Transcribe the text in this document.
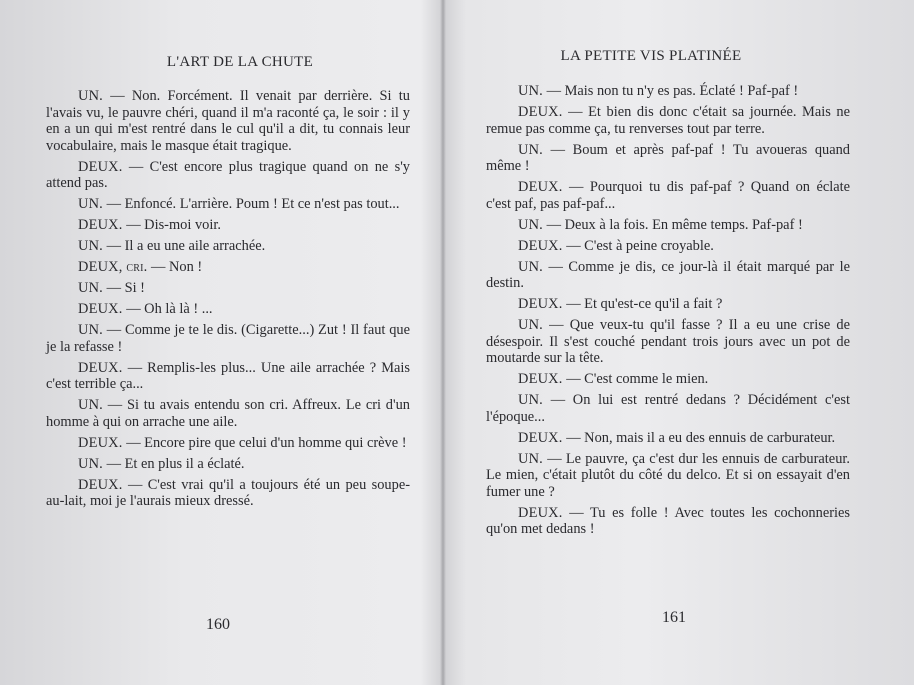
L'ART DE LA CHUTE

UN. — Non. Forcément. Il venait par derrière. Si tu l'avais vu, le pauvre chéri, quand il m'a raconté ça, le soir : il y en a un qui m'est rentré dans le cul qu'il a dit, tu connais leur vocabulaire, mais le masque était tragique.

DEUX. — C'est encore plus tragique quand on ne s'y attend pas.

UN. — Enfoncé. L'arrière. Poum ! Et ce n'est pas tout...

DEUX. — Dis-moi voir.

UN. — Il a eu une aile arrachée.

DEUX, cri. — Non !

UN. — Si !

DEUX. — Oh là là ! ...

UN. — Comme je te le dis. (Cigarette...) Zut ! Il faut que je la refasse !

DEUX. — Remplis-les plus... Une aile arrachée ? Mais c'est terrible ça...

UN. — Si tu avais entendu son cri. Affreux. Le cri d'un homme à qui on arrache une aile.

DEUX. — Encore pire que celui d'un homme qui crève !

UN. — Et en plus il a éclaté.

DEUX. — C'est vrai qu'il a toujours été un peu soupe-au-lait, moi je l'aurais mieux dressé.

160
LA PETITE VIS PLATINÉE

UN. — Mais non tu n'y es pas. Éclaté ! Paf-paf !

DEUX. — Et bien dis donc c'était sa journée. Mais ne remue pas comme ça, tu renverses tout par terre.

UN. — Boum et après paf-paf ! Tu avoueras quand même !

DEUX. — Pourquoi tu dis paf-paf ? Quand on éclate c'est paf, pas paf-paf...

UN. — Deux à la fois. En même temps. Paf-paf !

DEUX. — C'est à peine croyable.

UN. — Comme je dis, ce jour-là il était marqué par le destin.

DEUX. — Et qu'est-ce qu'il a fait ?

UN. — Que veux-tu qu'il fasse ? Il a eu une crise de désespoir. Il s'est couché pendant trois jours avec un pot de moutarde sur la tête.

DEUX. — C'est comme le mien.

UN. — On lui est rentré dedans ? Décidément c'est l'époque...

DEUX. — Non, mais il a eu des ennuis de carburateur.

UN. — Le pauvre, ça c'est dur les ennuis de carburateur. Le mien, c'était plutôt du côté du delco. Et si on essayait d'en fumer une ?

DEUX. — Tu es folle ! Avec toutes les cochonneries qu'on met dedans !

161
